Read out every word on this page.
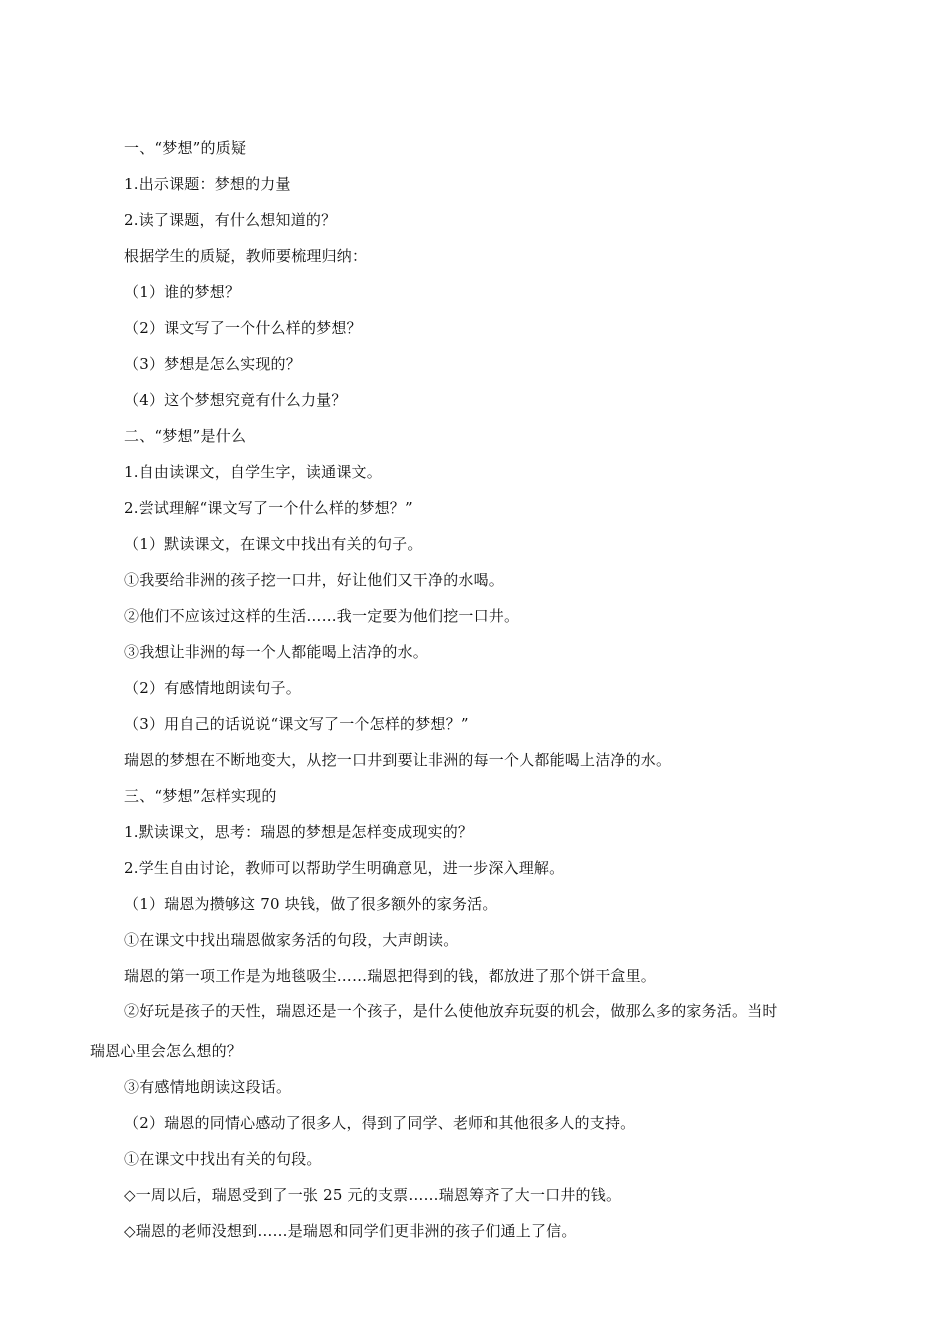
一、“梦想”的质疑
1.出示课题：梦想的力量
2.读了课题，有什么想知道的？
根据学生的质疑，教师要梳理归纳：
（1）谁的梦想？
（2）课文写了一个什么样的梦想？
（3）梦想是怎么实现的？
（4）这个梦想究竟有什么力量？
二、“梦想”是什么
1.自由读课文，自学生字，读通课文。
2.尝试理解“课文写了一个什么样的梦想？”
（1）默读课文，在课文中找出有关的句子。
①我要给非洲的孩子挖一口井，好让他们又干净的水喝。
②他们不应该过这样的生活……我一定要为他们挖一口井。
③我想让非洲的每一个人都能喝上洁净的水。
（2）有感情地朗读句子。
（3）用自己的话说说“课文写了一个怎样的梦想？”
瑞恩的梦想在不断地变大，从挖一口井到要让非洲的每一个人都能喝上洁净的水。
三、“梦想”怎样实现的
1.默读课文，思考：瑞恩的梦想是怎样变成现实的？
2.学生自由讨论，教师可以帮助学生明确意见，进一步深入理解。
（1）瑞恩为攒够这 70 块钱，做了很多额外的家务活。
①在课文中找出瑞恩做家务活的句段，大声朗读。
瑞恩的第一项工作是为地毯吸尘……瑞恩把得到的钱，都放进了那个饼干盒里。
②好玩是孩子的天性，瑞恩还是一个孩子，是什么使他放弃玩耍的机会，做那么多的家务活。当时
瑞恩心里会怎么想的？
③有感情地朗读这段话。
（2）瑞恩的同情心感动了很多人，得到了同学、老师和其他很多人的支持。
①在课文中找出有关的句段。
◇一周以后，瑞恩受到了一张 25 元的支票……瑞恩筹齐了大一口井的钱。
◇瑞恩的老师没想到……是瑞恩和同学们更非洲的孩子们通上了信。
